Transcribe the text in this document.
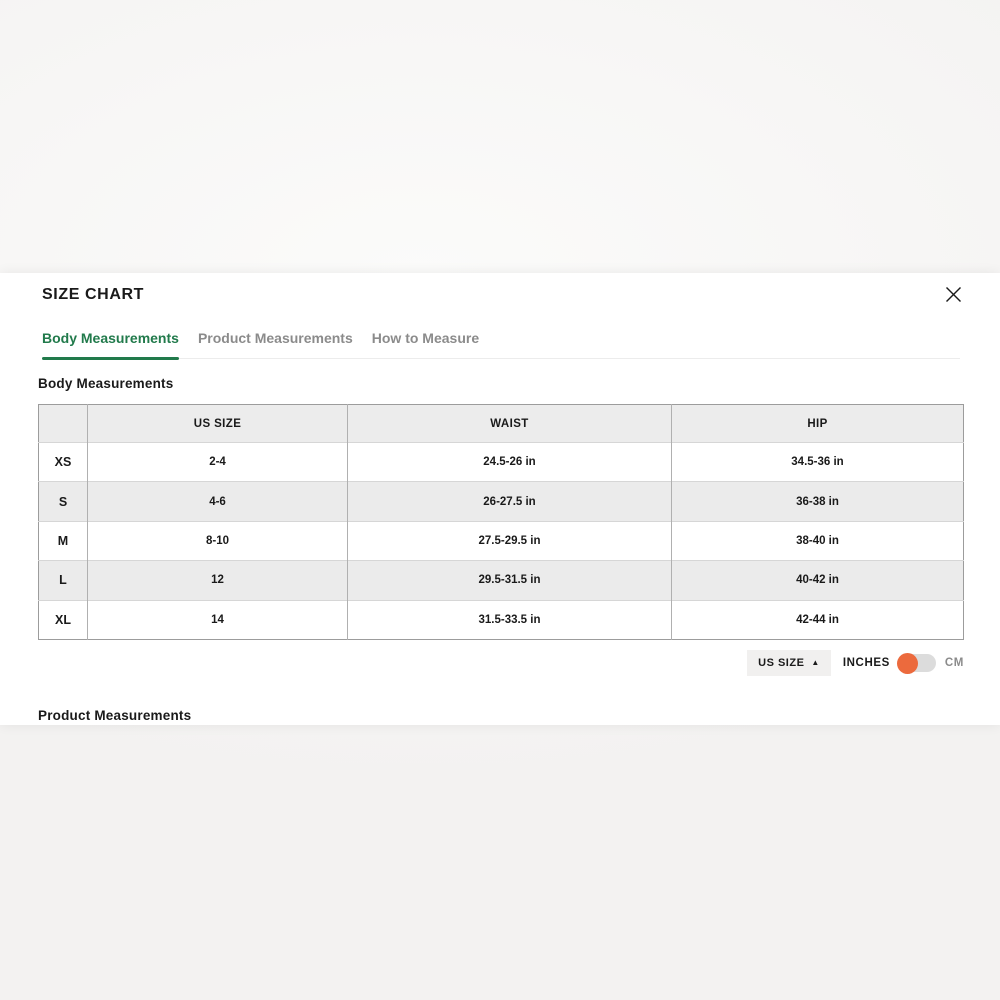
SIZE CHART
Body Measurements Product Measurements How to Measure
Body Measurements
	US SIZE	WAIST	HIP
XS	2-4	24.5-26 in	34.5-36 in
S	4-6	26-27.5 in	36-38 in
M	8-10	27.5-29.5 in	38-40 in
L	12	29.5-31.5 in	40-42 in
XL	14	31.5-33.5 in	42-44 in
US SIZE ▲ INCHES	CM
Product Measurements
